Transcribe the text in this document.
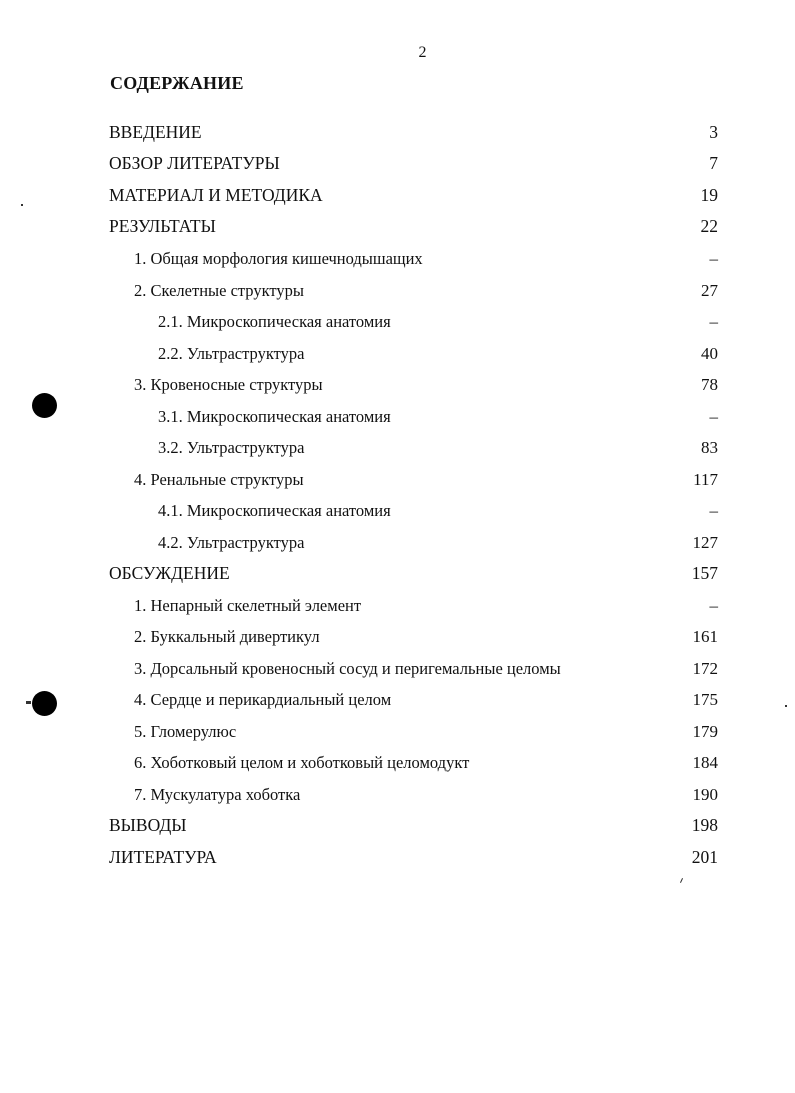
2
СОДЕРЖАНИЕ
ВВЕДЕНИЕ	3
ОБЗОР ЛИТЕРАТУРЫ	7
МАТЕРИАЛ И МЕТОДИКА	19
РЕЗУЛЬТАТЫ	22
1. Общая морфология кишечнодышащих	–
2. Скелетные структуры	27
2.1. Микроскопическая анатомия	–
2.2. Ультраструктура	40
3. Кровеносные структуры	78
3.1. Микроскопическая анатомия	–
3.2. Ультраструктура	83
4. Ренальные структуры	117
4.1. Микроскопическая анатомия	–
4.2. Ультраструктура	127
ОБСУЖДЕНИЕ	157
1. Непарный скелетный элемент	–
2. Буккальный дивертикул	161
3. Дорсальный кровеносный сосуд и перигемальные целомы	172
4. Сердце и перикардиальный целом	175
5. Гломерулюс	179
6. Хоботковый целом и хоботковый целомодукт	184
7. Мускулатура хоботка	190
ВЫВОДЫ	198
ЛИТЕРАТУРА	201
